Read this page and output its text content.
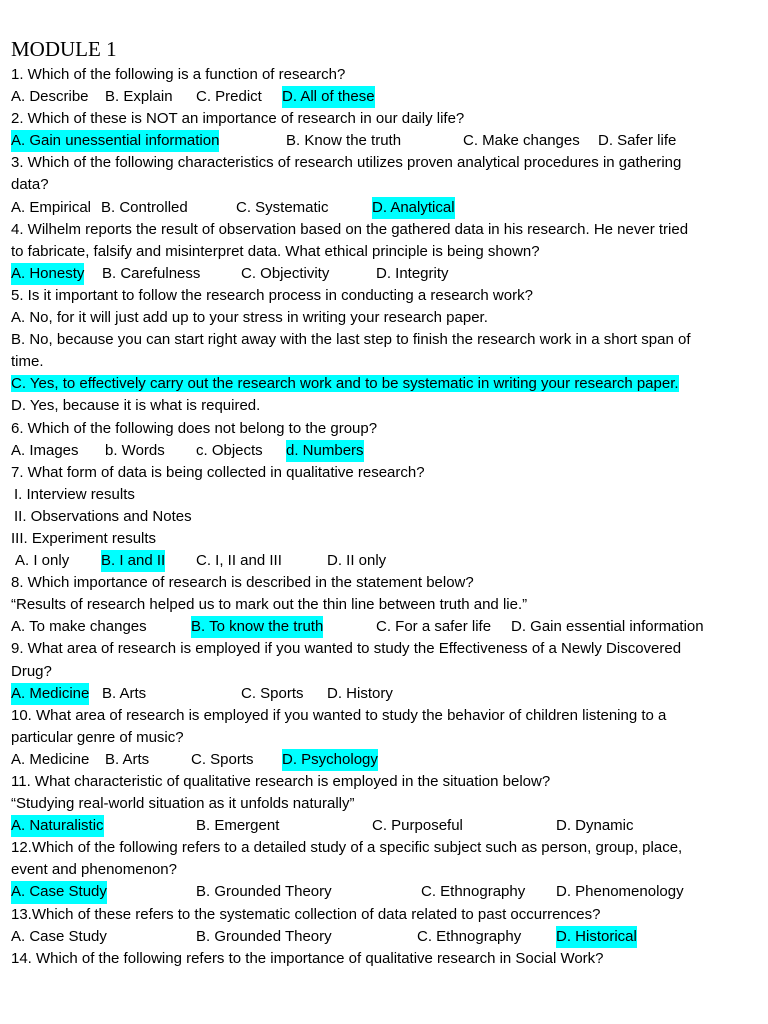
MODULE 1
1. Which of the following is a function of research?
A. Describe B. Explain C. Predict D. All of these
2. Which of these is NOT an importance of research in our daily life?
A. Gain unessential information	B. Know the truth	C. Make changes D. Safer life
3. Which of the following characteristics of research utilizes proven analytical procedures in gathering
data?
A. Empirical B. Controlled	C. Systematic	D. Analytical
4. Wilhelm reports the result of observation based on the gathered data in his research. He never tried
to fabricate, falsify and misinterpret data. What ethical principle is being shown?
A. Honesty B. Carefulness	C. Objectivity	D. Integrity
5. Is it important to follow the research process in conducting a research work?
A. No, for it will just add up to your stress in writing your research paper.
B. No, because you can start right away with the last step to finish the research work in a short span of
time.
C. Yes, to effectively carry out the research work and to be systematic in writing your research paper.
D. Yes, because it is what is required.
6. Which of the following does not belong to the group?
A. Images b. Words c. Objects d. Numbers
7. What form of data is being collected in qualitative research?
I. Interview results
II. Observations and Notes
III. Experiment results
A. I only B. I and II C. I, II and III	D. II only
8. Which importance of research is described in the statement below?
“Results of research helped us to mark out the thin line between truth and lie.”
A. To make changes	B. To know the truth	C. For a safer life D. Gain essential information
9. What area of research is employed if you wanted to study the Effectiveness of a Newly Discovered
Drug?
A. Medicine B. Arts	C. Sports D. History
10. What area of research is employed if you wanted to study the behavior of children listening to a
particular genre of music?
A. Medicine B. Arts	C. Sports D. Psychology
11. What characteristic of qualitative research is employed in the situation below?
“Studying real-world situation as it unfolds naturally”
A. Naturalistic	B. Emergent	C. Purposeful	D. Dynamic
12.Which of the following refers to a detailed study of a specific subject such as person, group, place,
event and phenomenon?
A. Case Study	B. Grounded Theory	C. Ethnography D. Phenomenology
13.Which of these refers to the systematic collection of data related to past occurrences?
A. Case Study	B. Grounded Theory	C. Ethnography D. Historical
14. Which of the following refers to the importance of qualitative research in Social Work?
